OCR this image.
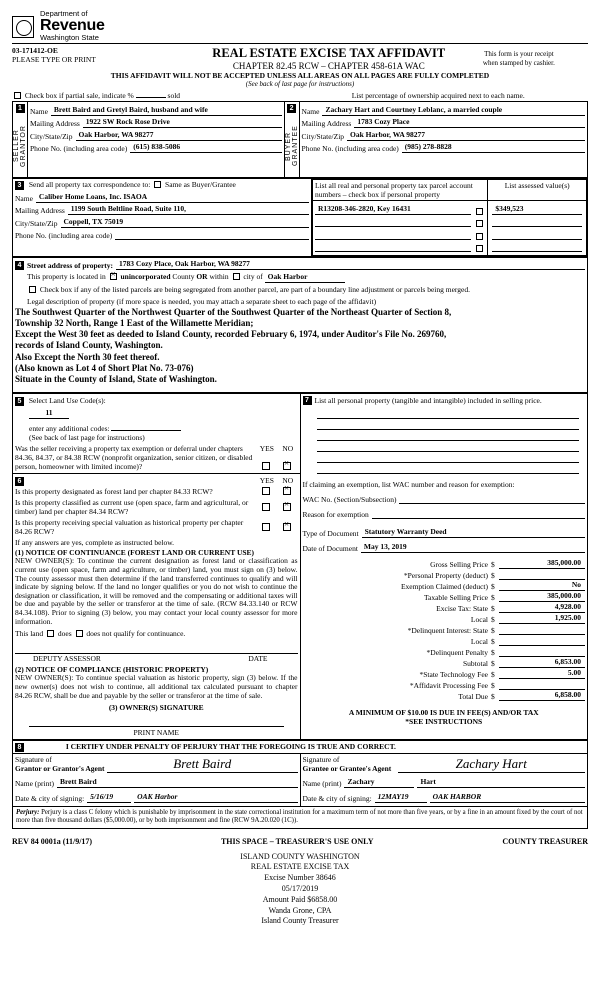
Department of
Revenue
Washington State
03-171412-OE
PLEASE TYPE OR PRINT	REAL ESTATE EXCISE TAX AFFIDAVIT
CHAPTER 82.45 RCW – CHAPTER 458-61A WAC

This form is your receipt
when stamped by cashier.
THIS AFFIDAVIT WILL NOT BE ACCEPTED UNLESS ALL AREAS ON ALL PAGES ARE FULLY COMPLETED
(See back of last page for instructions)
Check box if partial sale, indicate %	sold	List percentage of ownership acquired next to each name.
1
SELLER GRANTOR

Name Brett Baird and Gretyl Baird, husband and wife
Mailing Address 1922 SW Rock Rose Drive
City/State/Zip Oak Harbor, WA 98277
Phone No. (including area code) (615) 838-5086

2
BUYER GRANTEE

Name Zachary Hart and Courtney Leblanc, a married couple
Mailing Address 1783 Cozy Place
City/State/Zip Oak Harbor, WA 98277
Phone No. (including area code) (985) 278-8828
3 Send all property tax correspondence to: Same as Buyer/Grantee
Name Caliber Home Loans, Inc. ISAOA
Mailing Address 1199 South Beltline Road, Suite 110,
City/State/Zip Coppell, TX 75019
Phone No. (including area code)

List all real and personal property tax parcel account numbers – check box if personal property	List assessed value(s)

R13208-346-2820, Key 16431	$349,523
4 Street address of property: 1783 Cozy Place, Oak Harbor, WA 98277
This property is located in × unincorporated County OR within city of Oak Harbor
Check box if any of the listed parcels are being segregated from another parcel, are part of a boundary line adjustment or parcels being merged.
Legal description of property (if more space is needed, you may attach a separate sheet to each page of the affidavit)
The Southwest Quarter of the Northwest Quarter of the Southwest Quarter of the Northeast Quarter of Section 8,
Township 32 North, Range 1 East of the Willamette Meridian;
Except the West 30 feet as deeded to Island County, recorded February 6, 1974, under Auditor's File No. 269760,
records of Island County, Washington.
Also Except the North 30 feet thereof.
(Also known as Lot 4 of Short Plat No. 73-076)
Situate in the County of Island, State of Washington.
5 Select Land Use Code(s):
11
enter any additional codes:
(See back of last page for instructions)
Was the seller receiving a property tax exemption or deferral under chapters 84.36, 84.37, or 84.38 RCW (nonprofit organization, senior citizen, or disabled person, homeowner with limited income)?
YES NO
×
6	YES NO
Is this property designated as forest land per chapter 84.33 RCW?
×
Is this property classified as current use (open space, farm and agricultural, or timber) land per chapter 84.34 RCW?
×
Is this property receiving special valuation as historical property per chapter 84.26 RCW?
×
If any answers are yes, complete as instructed below.
(1) NOTICE OF CONTINUANCE (FOREST LAND OR CURRENT USE)
NEW OWNER(S): To continue the current designation as forest land or classification as current use (open space, farm and agriculture, or timber) land, you must sign on (3) below. The county assessor must then determine if the land transferred continues to qualify and will indicate by signing below. If the land no longer qualifies or you do not wish to continue the designation or classification, it will be removed and the compensating or additional taxes will be due and payable by the seller or transferor at the time of sale. (RCW 84.33.140 or RCW 84.34.108). Prior to signing (3) below, you may contact your local county assessor for more information.
This land does does not qualify for continuance.
DEPUTY ASSESSOR	DATE
(2) NOTICE OF COMPLIANCE (HISTORIC PROPERTY)
NEW OWNER(S): To continue special valuation as historic property, sign (3) below. If the new owner(s) does not wish to continue, all additional tax calculated pursuant to chapter 84.26 RCW, shall be due and payable by the seller or transferor at the time of sale.
(3) OWNER(S) SIGNATURE
PRINT NAME

7 List all personal property (tangible and intangible) included in selling price.
If claiming an exemption, list WAC number and reason for exemption:
WAC No. (Section/Subsection)
Reason for exemption
Type of Document Statutory Warranty Deed
Date of Document May 13, 2019
Gross Selling Price $	385,000.00
*Personal Property (deduct) $
Exemption Claimed (deduct) $	No
Taxable Selling Price $	385,000.00
Excise Tax: State $	4,928.00
Local $	1,925.00
*Delinquent Interest: State $
Local $
*Delinquent Penalty $
Subtotal $	6,853.00
*State Technology Fee $	5.00
*Affidavit Processing Fee $
Total Due $	6,858.00
A MINIMUM OF $10.00 IS DUE IN FEE(S) AND/OR TAX
*SEE INSTRUCTIONS
8	I CERTIFY UNDER PENALTY OF PERJURY THAT THE FOREGOING IS TRUE AND CORRECT.

Signature of
Grantor or Grantor's Agent	Brett Baird
Name (print) Brett Baird
Date & city of signing: 5/16/19	OAK Harbor

Signature of
Grantee or Grantee's Agent	Zachary Hart
Name (print) Zachary	Hart
Date & city of signing: 12MAY19	OAK HARBOR

Perjury: Perjury is a class C felony which is punishable by imprisonment in the state correctional institution for a maximum term of not more than five years, or by a fine in an amount fixed by the court of not more than five thousand dollars ($5,000.00), or by both imprisonment and fine (RCW 9A.20.020 (1C)).
REV 84 0001a (11/9/17)	THIS SPACE – TREASURER'S USE ONLY	COUNTY TREASURER
ISLAND COUNTY WASHINGTON
REAL ESTATE EXCISE TAX
Excise Number 38646
05/17/2019
Amount Paid $6858.00
Wanda Grone, CPA
Island County Treasurer
